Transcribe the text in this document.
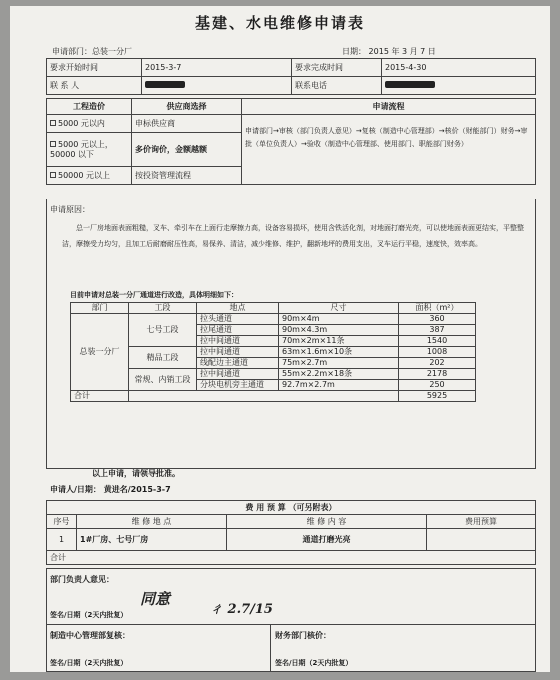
基建、水电维修申请表
申请部门：总装一分厂	日期： 2015 年 3 月 7 日
要求开始时间	2015-3-7	要求完成时间	2015-4-30
联 系 人		联系电话	
工程造价	供应商选择	申请流程
5000 元以内	申标供应商	申请部门→审核（部门负责人意见）→复核（制造中心管理部）→核价（财能部门）财务→审批（单位负责人）→验收（制造中心管理部、使用部门、职能部门财务）
5000 元以上，50000 以下	多价询价，金额越额	
50000 元以上	按投资管理流程	
申请原因：
总一厂房地面表面粗糙，叉车、牵引车在上面行走摩擦力高，设备容易损坏，使用含铁活化剂，对地面打磨光亮，可以使地面表面更结实，平整整洁，摩擦受力均匀，且加工后耐磨耐压性高，易保养、清洁，减少维修、维护，翻新地坪的费用支出，叉车运行平稳，速度快，效率高。
目前申请对总装一分厂通道进行改造，具体明细如下：
部门	工段	地点	尺寸	面积（m²）
总装一分厂	七号工段	拉头通道	90m×4m	360
		拉尾通道	90m×4.3m	387
		拉中间通道	70m×2m×11条	1540
	精品工段	拉中间通道	63m×1.6m×10条	1008
		线配边主通道	75m×2.7m	202
	常规、内销工段	拉中间通道	55m×2.2m×18条	2178
		分块电机旁主通道	92.7m×2.7m	250
合计				5925
以上申请，请领导批准。
申请人/日期： 黄进名/2015-3-7
费 用 预 算 （可另附表）			
序号	维 修 地 点	维 修 内 容	费用预算
1	1#厂房、七号厂房	通道打磨光亮	
合计			
部门负责人意见：
同意
ㄔ 2.7/15
签名/日期（2天内批复）
制造中心管理部复核：	财务部门核价：
签名/日期（2天内批复）	签名/日期（2天内批复）
